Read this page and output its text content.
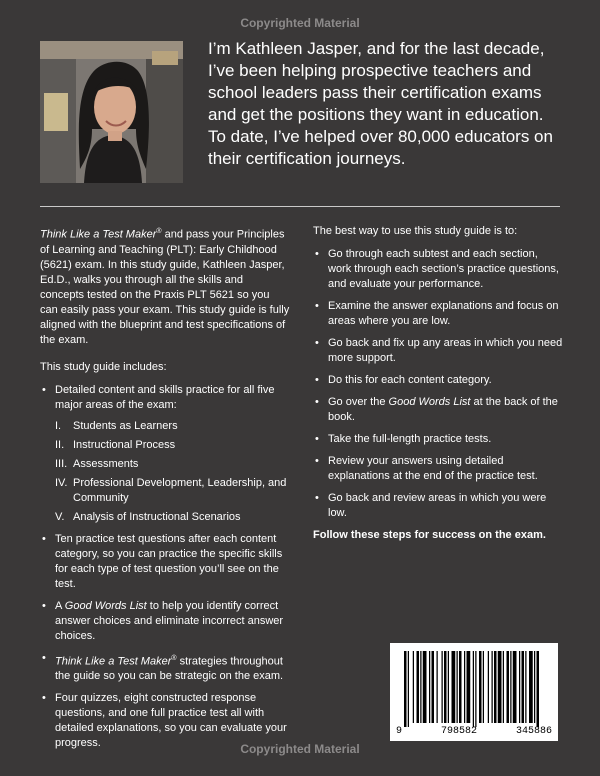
Copyrighted Material

I’m Kathleen Jasper, and for the last decade, I’ve been helping prospective teachers and school leaders pass their certification exams and get the positions they want in education. To date, I’ve helped over 80,000 educators on their certification journeys.

Think Like a Test Maker® and pass your Principles of Learning and Teaching (PLT): Early Childhood (5621) exam. In this study guide, Kathleen Jasper, Ed.D., walks you through all the skills and concepts tested on the Praxis PLT 5621 so you can easily pass your exam. This study guide is fully aligned with the blueprint and test specifications of the exam.

This study guide includes:

• Detailed content and skills practice for all five major areas of the exam:
I.	Students as Learners
II. Instructional Process
III. Assessments
IV. Professional Development, Leadership, and Community
V. Analysis of Instructional Scenarios
• Ten practice test questions after each content category, so you can practice the specific skills for each type of test question you’ll see on the test.
• A Good Words List to help you identify correct answer choices and eliminate incorrect answer choices.
• Think Like a Test Maker® strategies throughout the guide so you can be strategic on the exam.
• Four quizzes, eight constructed response questions, and one full practice test all with detailed explanations, so you can evaluate your progress.

The best way to use this study guide is to:

• Go through each subtest and each section, work through each section’s practice questions, and evaluate your performance.
• Examine the answer explanations and focus on areas where you are low.
• Go back and fix up any areas in which you need more support.
• Do this for each content category.
• Go over the Good Words List at the back of the book.
• Take the full-length practice tests.
• Review your answers using detailed explanations at the end of the practice test.
• Go back and review areas in which you were low.

Follow these steps for success on the exam.

9	798582	345886
Copyrighted Material
